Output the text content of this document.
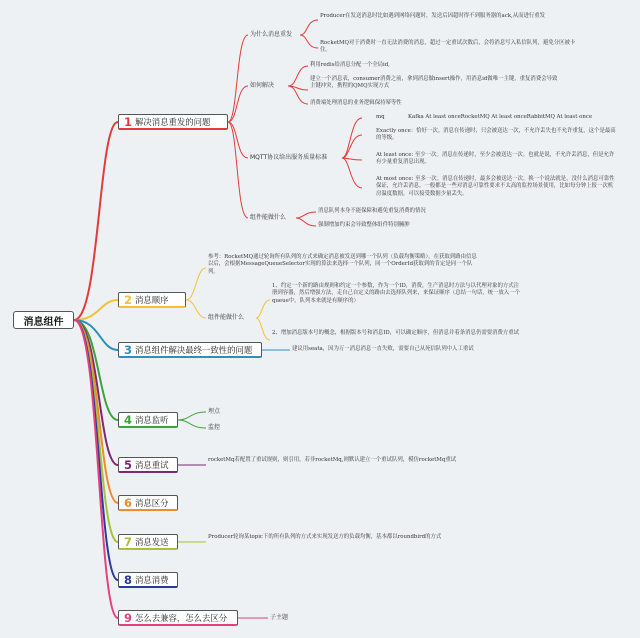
消息组件
1 解决消息重发的问题
2 消息顺序
3 消息组件解决最终一致性的问题
4 消息监听
5 消息重试
6 消息区分
7 消息发送
8 消息消费
9 怎么去兼容，怎么去区分
为什么消息重发
Producer在发送消息时比如遇到网络问题时，发送后因超时得不到服务器的ack,从而进行重发
RocketMQ对于消费时一直无法消费的消息，超过一定重试次数后，会将消息写入私信队列，避免分区被卡住。
如何解决
利用redis给消息分配一个全局id,
建立一个消息表，consumer消费之前，拿到消息做insert操作，用消息id做唯一主键，重复消费会导致主键冲突，携程的QMQ实现方式
消费端处理消息的业务逻辑保持幂等性
MQTT协议给出服务质量标准
mq	Kafka At least onceRocketMQ At least onceRabbitMQ At least once
Exactly once：恰好一次。消息在传递时，只会被送达一次，不允许丢失也不允许重复，这个是最高的等级。
At least once: 至少一次。消息在传递时，至少会被送达一次。也就是说，不允许丢消息，但是允许有少量重复消息出现。
At most once: 至多一次。消息在传递时，最多会被送达一次。换一个说法就是，没什么消息可靠性保证，允许丢消息。一般都是一些对消息可靠性要求不太高的监控场景使用，比如每分钟上报一次机房温度数据，可以接受数据少量丢失。
组件能做什么
消息队列本身不能保障和避免重复消费的情况
强制增加约束会导致整体组件特别臃肿
参考：RocketMQ通过轮询所有队列的方式来确定消息被发送到哪一个队列（负载均衡策略）。在获取到路由信息以后，会根据MessageQueueSelector实现的算法来选择一个队列，同一个OrderId获取到的肯定是同一个队列。
组件能做什么
1、约定一个新的路由规则和约定一个参数，作为一个ID，消费，生产消息时方法与以代理对象的方式注册到容器，然后增强方法，走自己自定义的路由去选择队列来，来保证顺序（总结一句话，统一放入一个queue中，队列本来就是有顺序的）
2、增加消息版本号的概念，根据版本号和消息ID，可以确定顺序，但消息并着条消息仍需要消费方重试
建议用seata，因为万一消息消息一直失败，需要自己从死信队列中人工重试
埋点
监控
rocketMq若配置了重试规则，则引用，若非rocketMq,则默认建立一个重试队列，模仿rocketMq重试
Producer轮询某topic下的所有队列的方式来实现发送方的负载均衡，基本都以roundbird的方式
子主题
